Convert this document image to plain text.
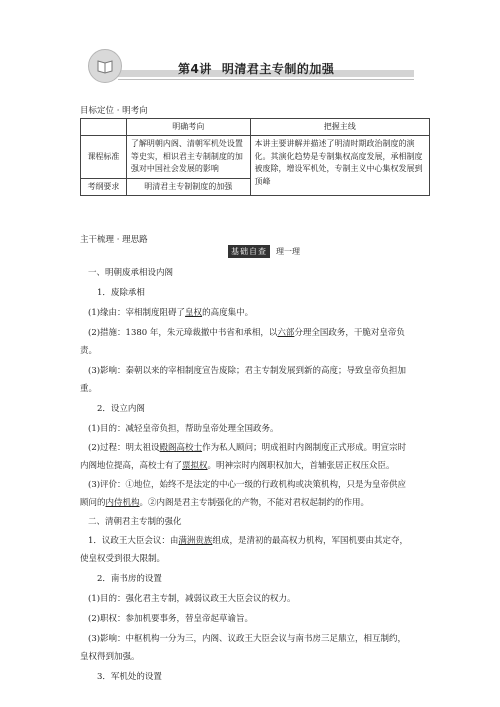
第4讲 明清君主专制的加强
目标定位 · 明考向
	明确考向	把握主线
课程标准	了解明朝内阁、清朝军机处设置等史实，相识君主专制制度的加强对中国社会发展的影响	本讲主要讲解并描述了明清时期政治制度的演化。其演化趋势是专制集权高度发展，承相制度被废除，增设军机处，专制主义中心集权发展到顶峰
考纲要求	明清君主专制制度的加强	
主干梳理 · 理思路
基础自查	理一理
一、明朝废承相设内阁
1．废除承相
(1)缘由：宰相制度阻碍了皇权的高度集中。
(2)措施：1380 年，朱元璋裁撤中书省和承相，以六部分理全国政务，干脆对皇帝负
责。
(3)影响：秦朝以来的宰相制度宣告废除；君主专制发展到新的高度；导致皇帝负担加
重。
2．设立内阁
(1)目的：减轻皇帝负担，帮助皇帝处理全国政务。
(2)过程：明太祖设殿阁高校士作为私人顾问；明成祖时内阁制度正式形成。明宣宗时
内阁地位提高，高校士有了票拟权。明神宗时内阁职权加大，首辅张居正权压众臣。
(3)评价：①地位，始终不是法定的中心一级的行政机构或决策机构，只是为皇帝供应
顾问的内侍机构。②内阁是君主专制强化的产物，不能对君权起制约的作用。
二、清朝君主专制的强化
1．议政王大臣会议：由满洲贵族组成，是清初的最高权力机构，军国机要由其定夺，
使皇权受到很大限制。
2．南书房的设置
(1)目的：强化君主专制，减弱议政王大臣会议的权力。
(2)职权：参加机要事务，替皇帝起草谕旨。
(3)影响：中枢机构一分为三，内阁、议政王大臣会议与南书房三足鼎立，相互制约，
皇权得到加强。
3．军机处的设置
